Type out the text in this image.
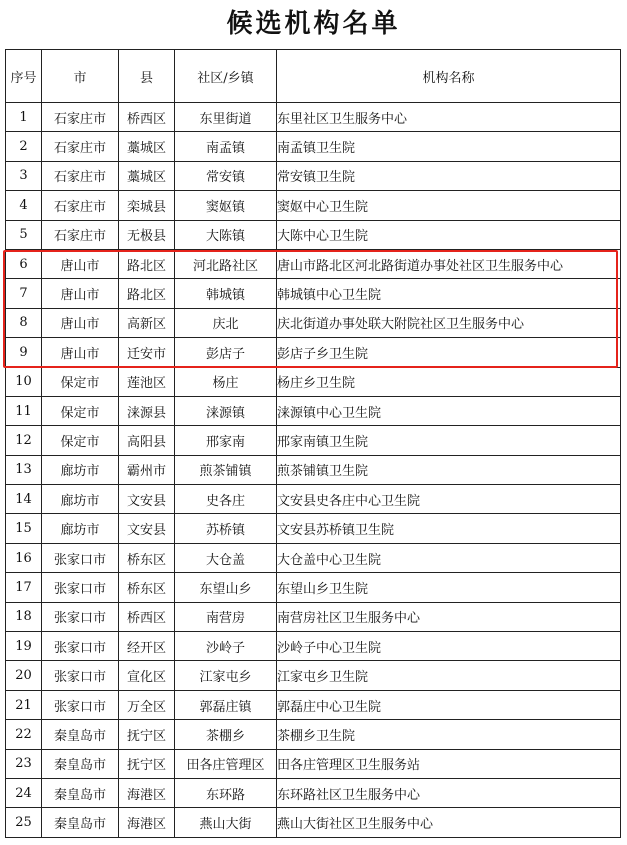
候选机构名单
序号	市	县	社区/乡镇	机构名称
1	石家庄市	桥西区	东里街道	东里社区卫生服务中心
2	石家庄市	藁城区	南孟镇	南孟镇卫生院
3	石家庄市	藁城区	常安镇	常安镇卫生院
4	石家庄市	栾城县	窦妪镇	窦妪中心卫生院
5	石家庄市	无极县	大陈镇	大陈中心卫生院
6	唐山市	路北区	河北路社区	唐山市路北区河北路街道办事处社区卫生服务中心
7	唐山市	路北区	韩城镇	韩城镇中心卫生院
8	唐山市	高新区	庆北	庆北街道办事处联大附院社区卫生服务中心
9	唐山市	迁安市	彭店子	彭店子乡卫生院
10	保定市	莲池区	杨庄	杨庄乡卫生院
11	保定市	涞源县	涞源镇	涞源镇中心卫生院
12	保定市	高阳县	邢家南	邢家南镇卫生院
13	廊坊市	霸州市	煎茶铺镇	煎茶铺镇卫生院
14	廊坊市	文安县	史各庄	文安县史各庄中心卫生院
15	廊坊市	文安县	苏桥镇	文安县苏桥镇卫生院
16	张家口市	桥东区	大仓盖	大仓盖中心卫生院
17	张家口市	桥东区	东望山乡	东望山乡卫生院
18	张家口市	桥西区	南营房	南营房社区卫生服务中心
19	张家口市	经开区	沙岭子	沙岭子中心卫生院
20	张家口市	宣化区	江家屯乡	江家屯乡卫生院
21	张家口市	万全区	郭磊庄镇	郭磊庄中心卫生院
22	秦皇岛市	抚宁区	茶棚乡	茶棚乡卫生院
23	秦皇岛市	抚宁区	田各庄管理区	田各庄管理区卫生服务站
24	秦皇岛市	海港区	东环路	东环路社区卫生服务中心
25	秦皇岛市	海港区	燕山大街	燕山大街社区卫生服务中心
